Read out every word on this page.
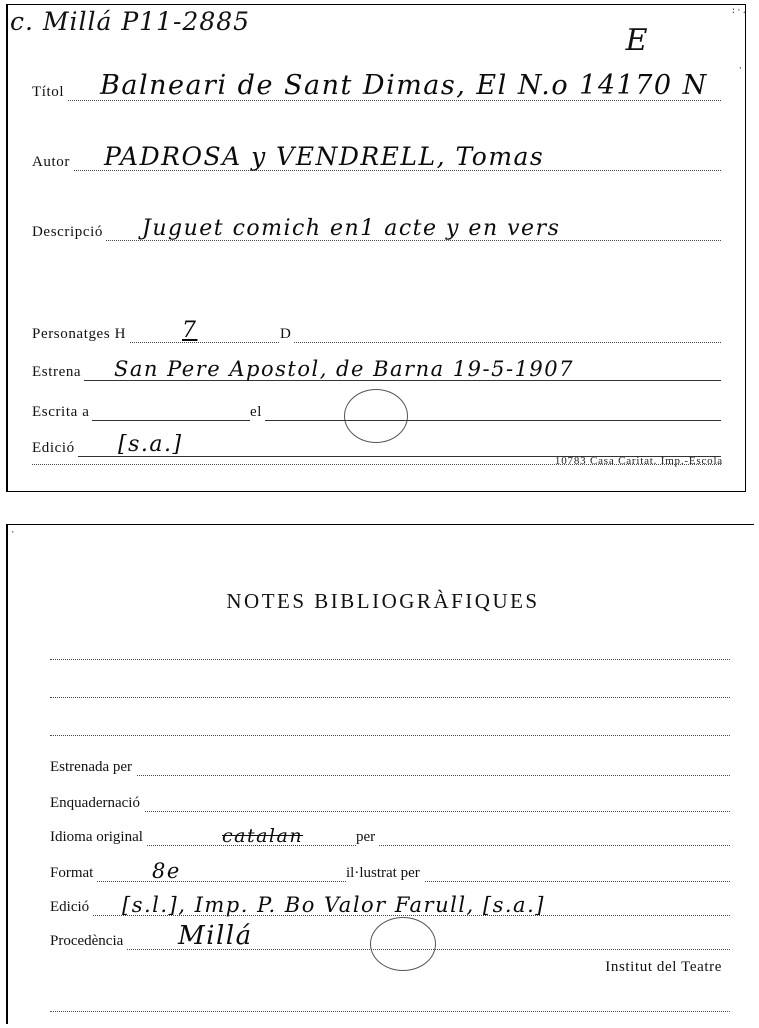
:·.
·
c. Millá P11-2885
E
Títol Balneari de Sant Dimas, El N.o 14170 N
Autor PADROSA y VENDRELL, Tomas
Descripció Juguet comich en1 acte y en vers
Personatges H	7	D
Estrena San Pere Apostol, de Barna 19-5-1907
Escrita a	el
Edició [s.a.]
10783 Casa Caritat. Imp.-Escola
·
NOTES BIBLIOGRÀFIQUES
Estrenada per
Enquadernació
Idioma original	catalan	per
Format	8e	il·lustrat per
Edició [s.l.], Imp. P. Bo Valor Farull, [s.a.]
Procedència Millá
Institut del Teatre
